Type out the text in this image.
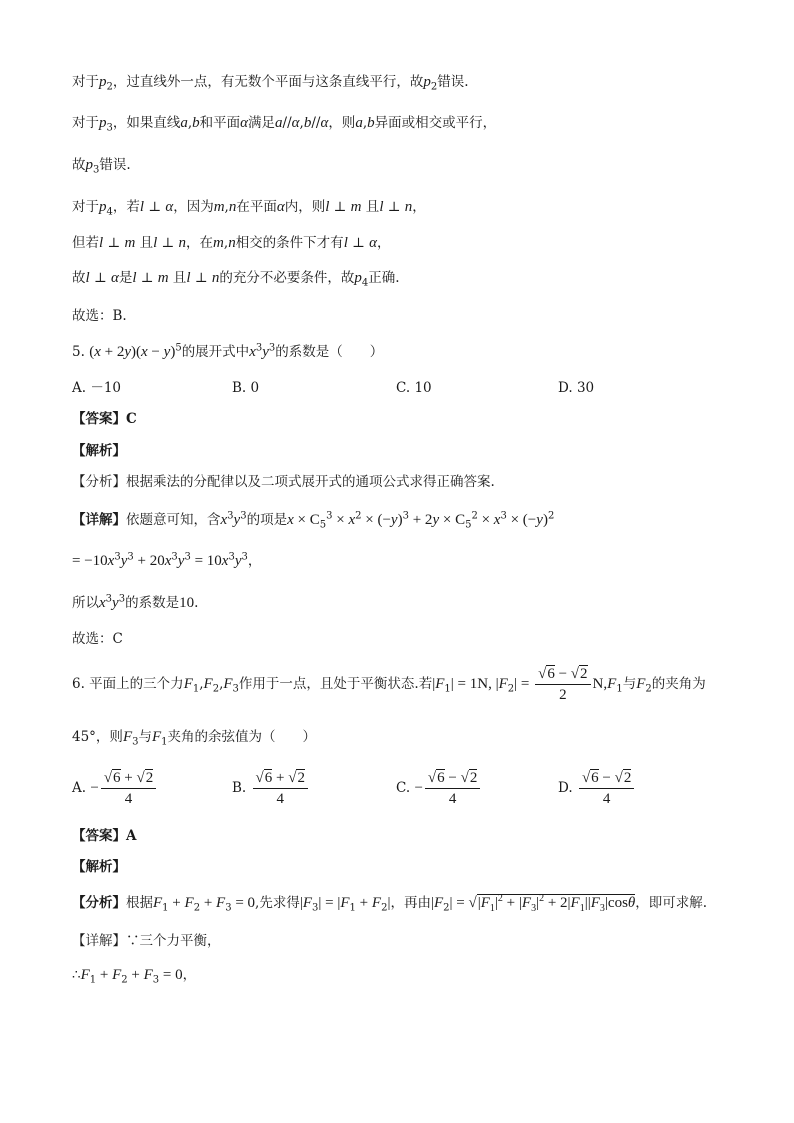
对于$p_2$，过直线外一点，有无数个平面与这条直线平行，故$p_2$错误.
对于$p_3$，如果直线a,b和平面α满足a//α,b//α，则a,b异面或相交或平行，
故$p_3$错误.
对于$p_4$，若l ⊥ α，因为m,n在平面α内，则l ⊥ m 且l ⊥ n，
但若l ⊥ m 且l ⊥ n，在m,n相交的条件下才有l ⊥ α，
故l ⊥ α是l ⊥ m 且l ⊥ n的充分不必要条件，故$p_4$正确.
故选：B.
5. $(x + 2y)(x - y)^5$的展开式中$x^3y^3$的系数是（　　）
A. －10	B. 0	C. 10	D. 30
【答案】C
【解析】
【分析】根据乘法的分配律以及二项式展开式的通项公式求得正确答案.
【详解】依题意可知，含$x^3y^3$的项是$x \times C_5^3 \times x^2 \times (-y)^3 + 2y \times C_5^2 \times x^3 \times (-y)^2$
= $-10x^3y^3 + 20x^3y^3 = 10x^3y^3$，
所以$x^3y^3$的系数是10.
故选：C
6. 平面上的三个力$F_1,F_2,F_3$作用于一点，且处于平衡状态.若$|F_1| = 1N$, $|F_2| = \frac{√6 - √2}{2} N,F_1$与$F_2$的夹角为
45°，则$F_3$与$F_1$夹角的余弦值为（　　）
A. − $\frac{√6 + √2}{4}$	B. $\frac{√6 + √2}{4}$	C. − $\frac{√6 - √2}{4}$	D. $\frac{√6 - √2}{4}$
【答案】A
【解析】
【分析】根据$F_1 + F_2 + F_3 = 0$,先求得$|F_3| = |F_1 + F_2|$，再由$|F_2| = √|F_1|^2 + |F_3|^2 + 2|F_1||F_3|\cos\theta$，即可求解.
【详解】∵三个力平衡，
$\therefore F_1 + F_2 + F_3 = 0$，
